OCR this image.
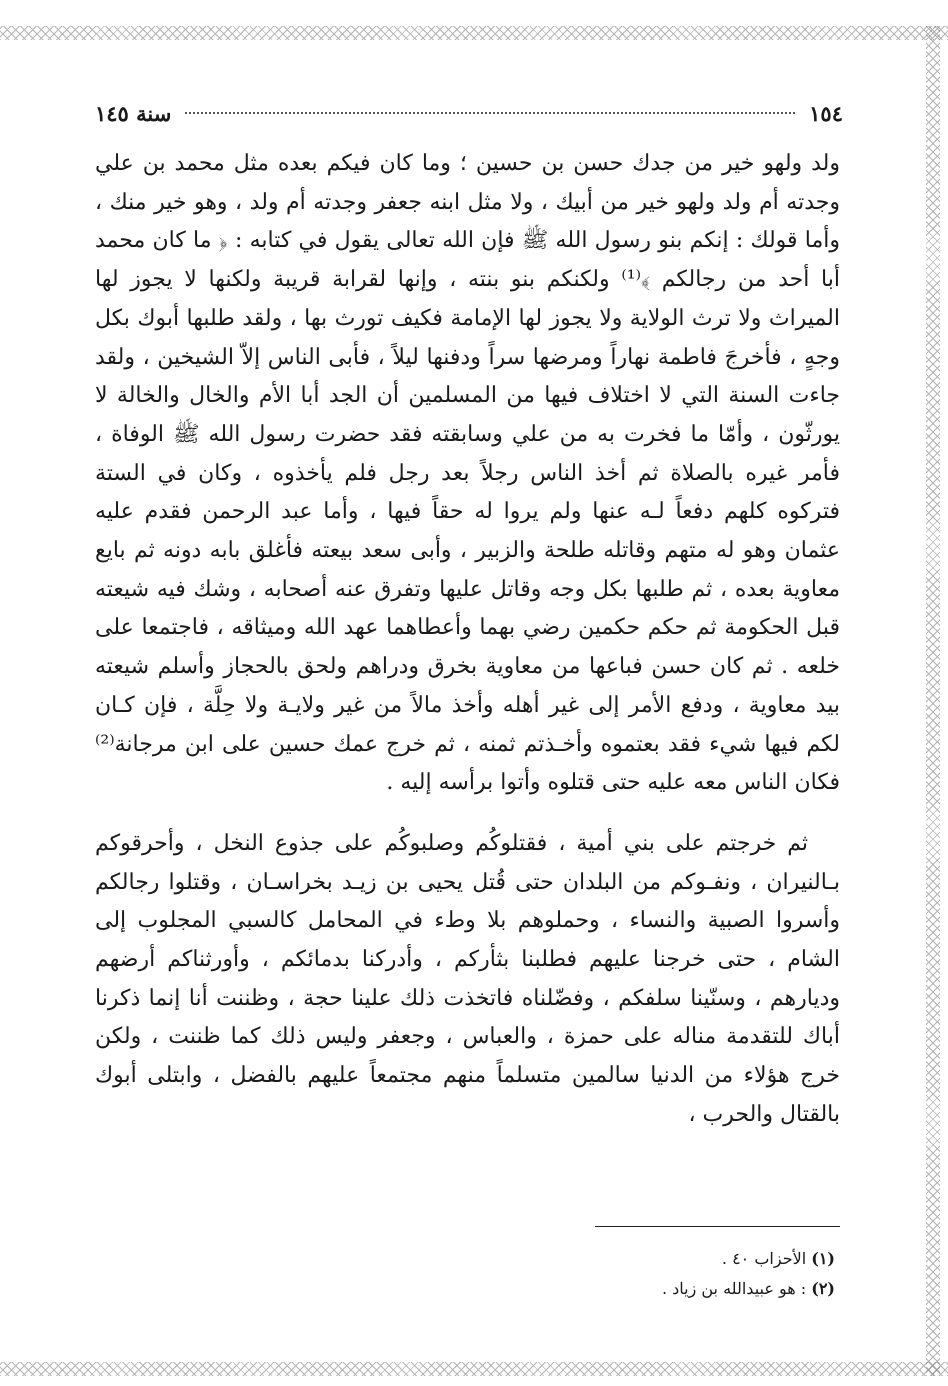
١٥٤
سنة ١٤٥

ولد ولهو خير من جدك حسن بن حسين ؛ وما كان فيكم بعده مثل محمد بن علي وجدته أم ولد ولهو خير من أبيك ، ولا مثل ابنه جعفر وجدته أم ولد ، وهو خير منك ، وأما قولك : إنكم بنو رسول الله ﷺ فإن الله تعالى يقول في كتابه : ﴿ ما كان محمد أبا أحد من رجالكم ﴾⁽¹⁾ ولكنكم بنو بنته ، وإنها لقرابة قريبة ولكنها لا يجوز لها الميراث ولا ترث الولاية ولا يجوز لها الإمامة فكيف تورث بها ، ولقد طلبها أبوك بكل وجهٍ ، فأخرجَ فاطمة نهاراً ومرضها سراً ودفنها ليلاً ، فأبى الناس إلاّ الشيخين ، ولقد جاءت السنة التي لا اختلاف فيها من المسلمين أن الجد أبا الأم والخال والخالة لا يورثّون ، وأمّا ما فخرت به من علي وسابقته فقد حضرت رسول الله ﷺ الوفاة ، فأمر غيره بالصلاة ثم أخذ الناس رجلاً بعد رجل فلم يأخذوه ، وكان في الستة فتركوه كلهم دفعاً لـه عنها ولم يروا له حقاً فيها ، وأما عبد الرحمن فقدم عليه عثمان وهو له متهم وقاتله طلحة والزبير ، وأبى سعد بيعته فأغلق بابه دونه ثم بايع معاوية بعده ، ثم طلبها بكل وجه وقاتل عليها وتفرق عنه أصحابه ، وشك فيه شيعته قبل الحكومة ثم حكم حكمين رضي بهما وأعطاهما عهد الله وميثاقه ، فاجتمعا على خلعه . ثم كان حسن فباعها من معاوية بخرق ودراهم ولحق بالحجاز وأسلم شيعته بيد معاوية ، ودفع الأمر إلى غير أهله وأخذ مالاً من غير ولايـة ولا حِلَّة ، فإن كـان لكم فيها شيء فقد بعتموه وأخـذتم ثمنه ، ثم خرج عمك حسين على ابن مرجانة⁽²⁾ فكان الناس معه عليه حتى قتلوه وأتوا برأسه إليه .

ثم خرجتم على بني أمية ، فقتلوكُم وصلبوكُم على جذوع النخل ، وأحرقوكم بـالنيران ، ونفـوكم من البلدان حتى قُتل يحيى بن زيـد بخراسـان ، وقتلوا رجالكم وأسروا الصبية والنساء ، وحملوهم بلا وطء في المحامل كالسبي المجلوب إلى الشام ، حتى خرجنا عليهم فطلبنا بثأركم ، وأدركنا بدمائكم ، وأورثناكم أرضهم وديارهم ، وسنّينا سلفكم ، وفضّلناه فاتخذت ذلك علينا حجة ، وظننت أنا إنما ذكرنا أباك للتقدمة مناله على حمزة ، والعباس ، وجعفر وليس ذلك كما ظننت ، ولكن خرج هؤلاء من الدنيا سالمين متسلماً منهم مجتمعاً عليهم بالفضل ، وابتلى أبوك بالقتال والحرب ،

(١) الأحزاب ٤٠ .
(٢) : هو عبيدالله بن زياد .
